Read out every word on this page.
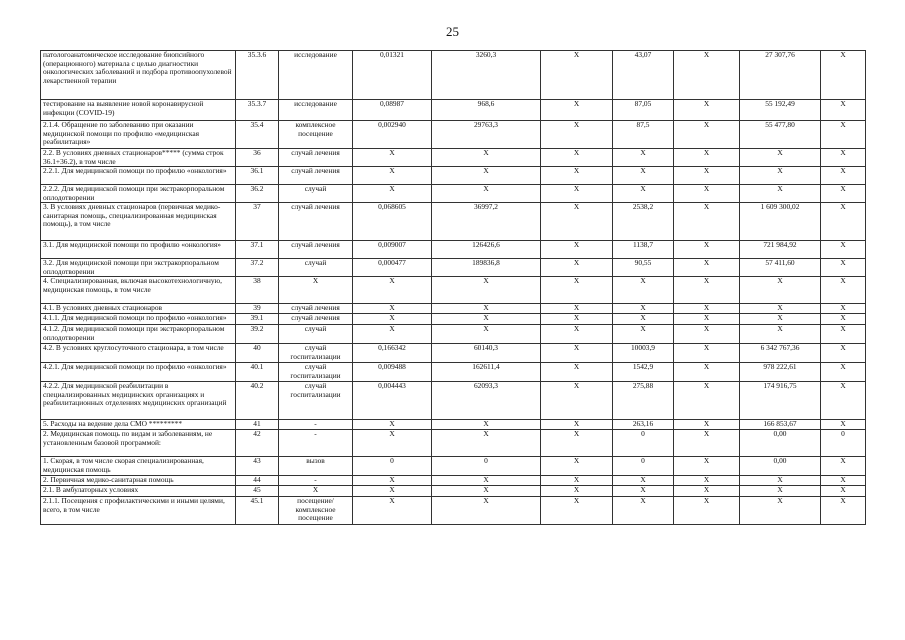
25
патологоанатомическое исследование биопсийного (операционного) материала с целью диагностики онкологических заболеваний и подбора противоопухолевой лекарственной терапии	35.3.6	исследование	0,01321	3260,3	X	43,07	X	27 307,76	X
тестирование на выявление новой коронавирусной инфекции (COVID-19)	35.3.7	исследование	0,08987	968,6	X	87,05	X	55 192,49	X
2.1.4. Обращение по заболеванию при оказании медицинской помощи по профилю «медицинская реабилитация»	35.4	комплексное посещение	0,002940	29763,3	X	87,5	X	55 477,80	X
2.2. В условиях дневных стационаров***** (сумма строк 36.1+36.2), в том числе	36	случай лечения	X	X	X	X	X	X	X
2.2.1. Для медицинской помощи по профилю «онкология»	36.1	случай лечения	X	X	X	X	X	X	X
2.2.2. Для медицинской помощи при экстракорпоральном оплодотворении	36.2	случай	X	X	X	X	X	X	X
3. В условиях дневных стационаров (первичная медико-санитарная помощь, специализированная медицинская помощь), в том числе	37	случай лечения	0,068605	36997,2	X	2538,2	X	1 609 300,02	X
3.1. Для медицинской помощи по профилю «онкология»	37.1	случай лечения	0,009007	126426,6	X	1138,7	X	721 984,92	X
3.2. Для медицинской помощи при экстракорпоральном оплодотворении	37.2	случай	0,000477	189836,8	X	90,55	X	57 411,60	X
4. Специализированная, включая высокотехнологичную, медицинская помощь, в том числе	38	X	X	X	X	X	X	X	X
4.1. В условиях дневных стационаров	39	случай лечения	X	X	X	X	X	X	X
4.1.1. Для медицинской помощи по профилю «онкология»	39.1	случай лечения	X	X	X	X	X	X	X
4.1.2. Для медицинской помощи при экстракорпоральном оплодотворении	39.2	случай	X	X	X	X	X	X	X
4.2. В условиях круглосуточного стационара, в том числе	40	случай госпитализации	0,166342	60140,3	X	10003,9	X	6 342 767,36	X
4.2.1. Для медицинской помощи по профилю «онкология»	40.1	случай госпитализации	0,009488	162611,4	X	1542,9	X	978 222,61	X
4.2.2. Для медицинской реабилитации в специализированных медицинских организациях и реабилитационных отделениях медицинских организаций	40.2	случай госпитализации	0,004443	62093,3	X	275,88	X	174 916,75	X
5. Расходы на ведение дела СМО *********	41	-	X	X	X	263,16	X	166 853,67	X
2. Медицинская помощь по видам и заболеваниям, не установленным базовой программой:	42	-	X	X	X	0	X	0,00	0
1. Скорая, в том числе скорая специализированная, медицинская помощь	43	вызов	0	0	X	0	X	0,00	X
2. Первичная медико-санитарная помощь	44	-	X	X	X	X	X	X	X
2.1. В амбулаторных условиях	45	X	X	X	X	X	X	X	X
2.1.1. Посещения с профилактическими и иными целями, всего, в том числе	45.1	посещение/ комплексное посещение	X	X	X	X	X	X	X
